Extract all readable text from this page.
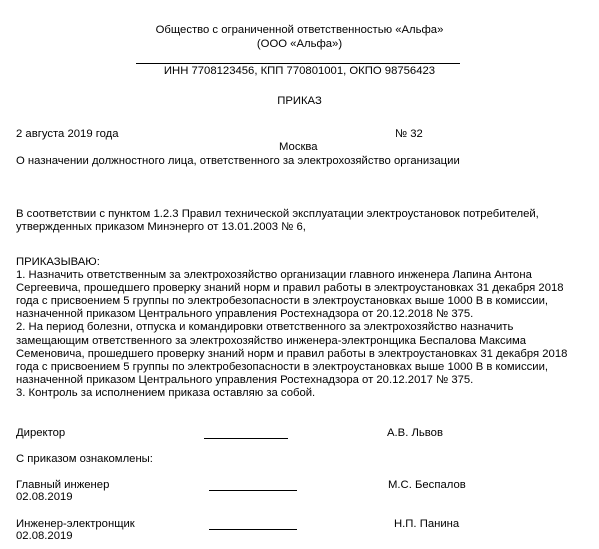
Общество с ограниченной ответственностью «Альфа»
(ООО «Альфа»)
ИНН 7708123456, КПП 770801001, ОКПО 98756423
ПРИКАЗ
2 августа 2019 года	№ 32
Москва
О назначении должностного лица, ответственного за электрохозяйство организации
В соответствии с пунктом 1.2.3 Правил технической эксплуатации электроустановок потребителей,
утвержденных приказом Минэнерго от 13.01.2003 № 6,
ПРИКАЗЫВАЮ:
1. Назначить ответственным за электрохозяйство организации главного инженера Лапина Антона
Сергеевича, прошедшего проверку знаний норм и правил работы в электроустановках 31 декабря 2018
года с присвоением 5 группы по электробезопасности в электроустановках выше 1000 В в комиссии,
назначенной приказом Центрального управления Ростехнадзора от 20.12.2018 № 375.
2. На период болезни, отпуска и командировки ответственного за электрохозяйство назначить
замещающим ответственного за электрохозяйство инженера-электронщика Беспалова Максима
Семеновича, прошедшего проверку знаний норм и правил работы в электроустановках 31 декабря 2018
года с присвоением 5 группы по электробезопасности в электроустановках выше 1000 В в комиссии,
назначенной приказом Центрального управления Ростехнадзора от 20.12.2017 № 375.
3. Контроль за исполнением приказа оставляю за собой.
Директор	А.В. Львов
С приказом ознакомлены:
Главный инженер
02.08.2019
М.С. Беспалов
Инженер-электронщик
02.08.2019
Н.П. Панина
